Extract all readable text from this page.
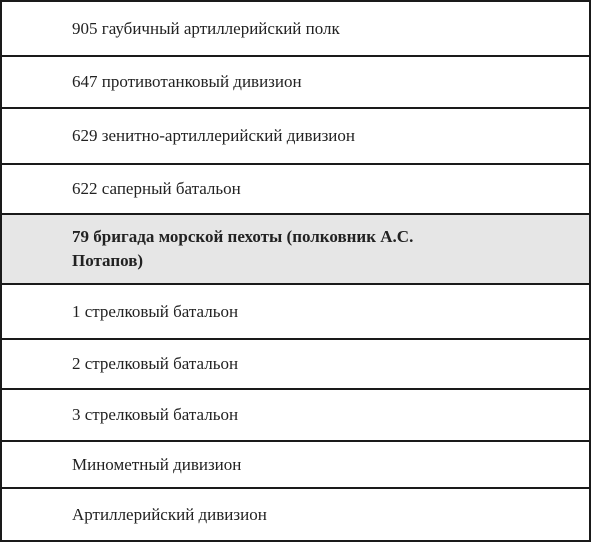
905 гаубичный артиллерийский полк
647 противотанковый дивизион
629 зенитно-артиллерийский дивизион
622 саперный батальон
79 бригада морской пехоты (полковник А.С. Потапов)
1 стрелковый батальон
2 стрелковый батальон
3 стрелковый батальон
Минометный дивизион
Артиллерийский дивизион
